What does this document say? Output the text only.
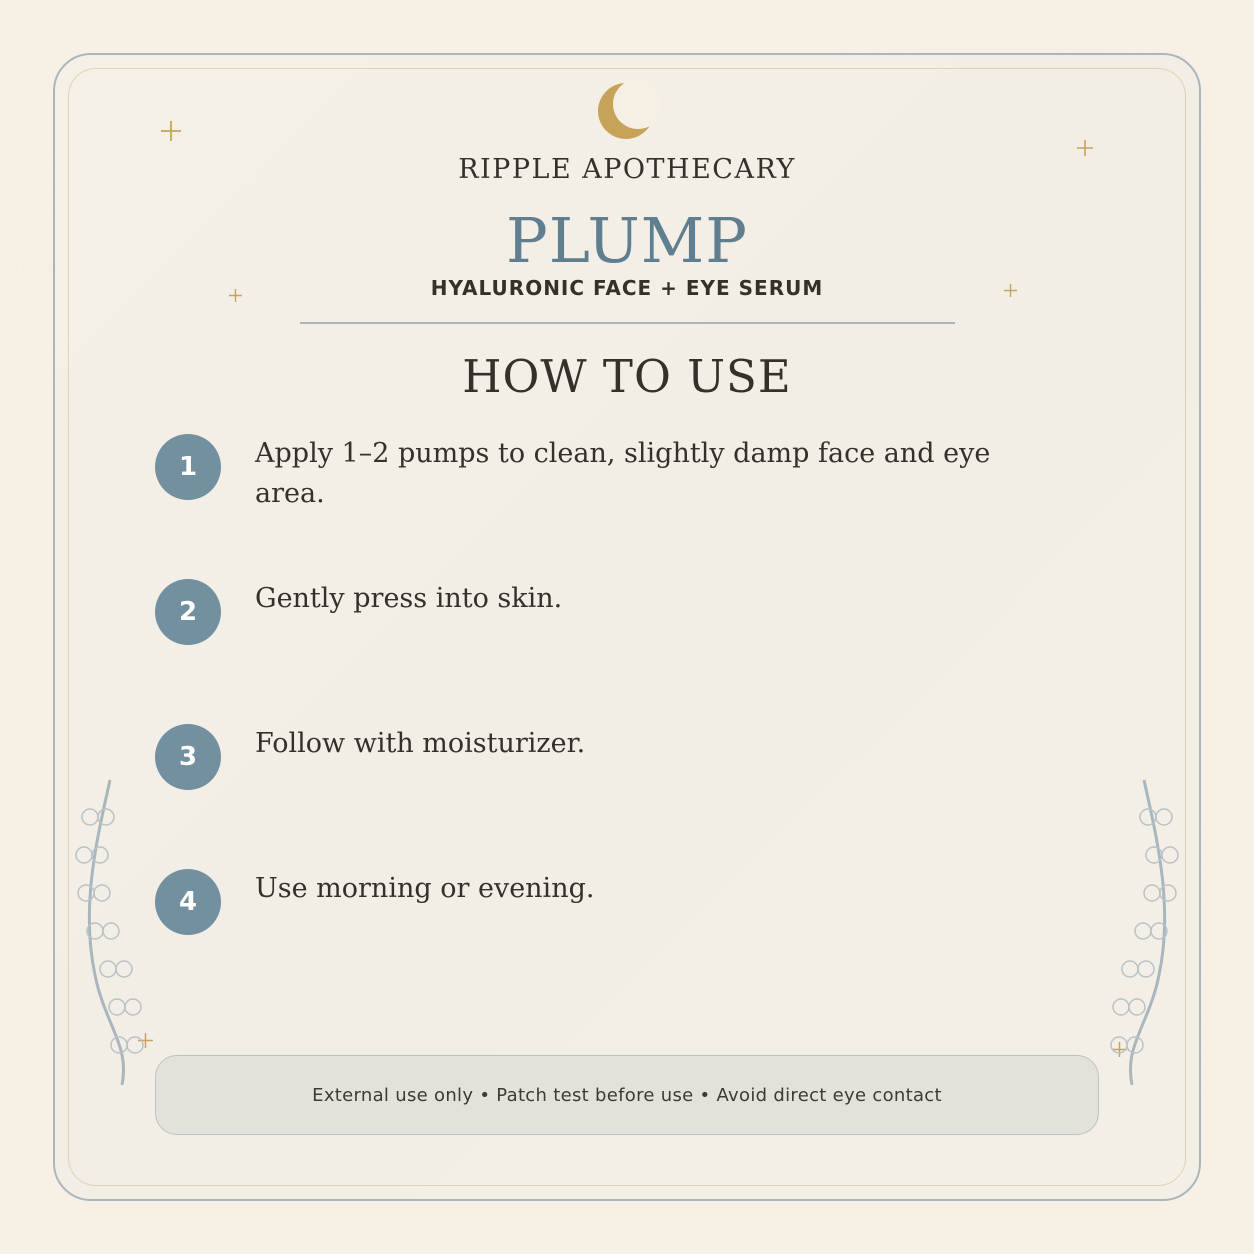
RIPPLE APOTHECARY
PLUMP
HYALURONIC FACE + EYE SERUM
HOW TO USE
1	Apply 1–2 pumps to clean, slightly damp face and eye area.
2	Gently press into skin.
3	Follow with moisturizer.
4	Use morning or evening.
External use only • Patch test before use • Avoid direct eye contact
